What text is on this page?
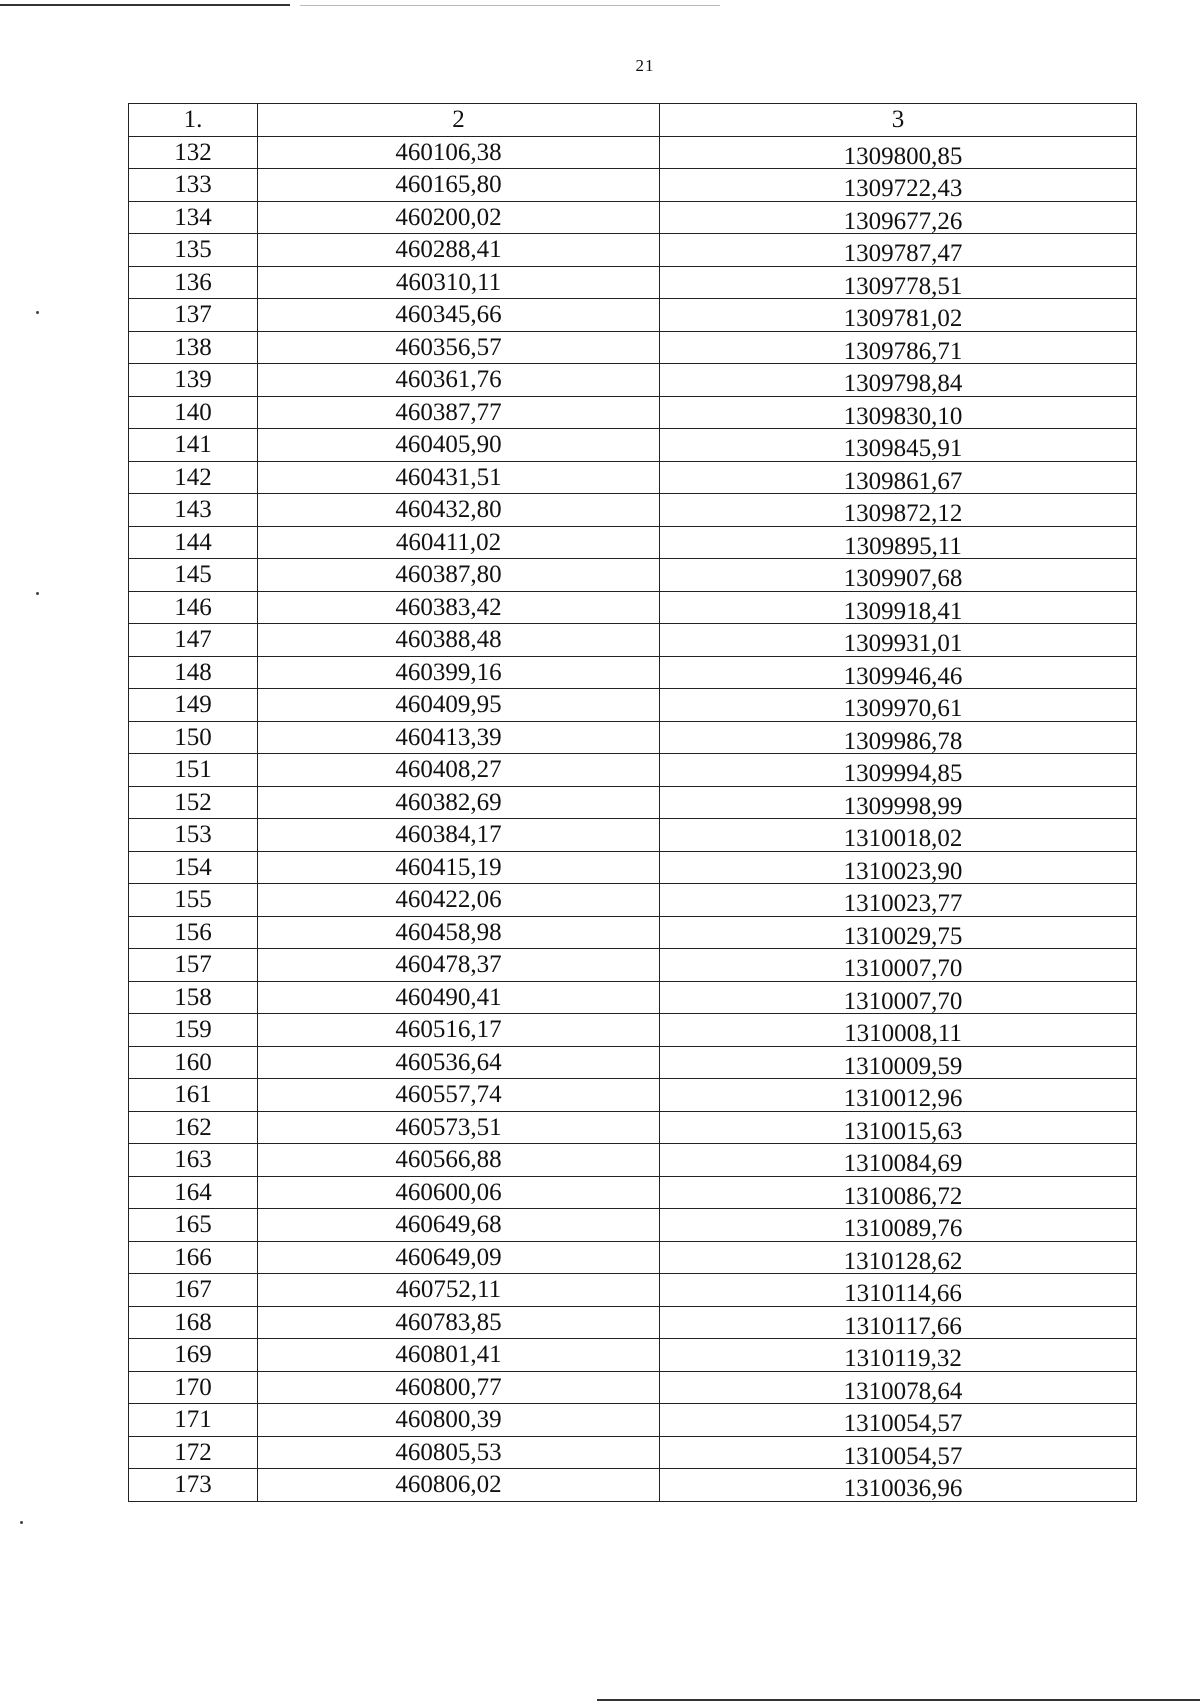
21
1.	2	3
132	460106,38	1309800,85
133	460165,80	1309722,43
134	460200,02	1309677,26
135	460288,41	1309787,47
136	460310,11	1309778,51
137	460345,66	1309781,02
138	460356,57	1309786,71
139	460361,76	1309798,84
140	460387,77	1309830,10
141	460405,90	1309845,91
142	460431,51	1309861,67
143	460432,80	1309872,12
144	460411,02	1309895,11
145	460387,80	1309907,68
146	460383,42	1309918,41
147	460388,48	1309931,01
148	460399,16	1309946,46
149	460409,95	1309970,61
150	460413,39	1309986,78
151	460408,27	1309994,85
152	460382,69	1309998,99
153	460384,17	1310018,02
154	460415,19	1310023,90
155	460422,06	1310023,77
156	460458,98	1310029,75
157	460478,37	1310007,70
158	460490,41	1310007,70
159	460516,17	1310008,11
160	460536,64	1310009,59
161	460557,74	1310012,96
162	460573,51	1310015,63
163	460566,88	1310084,69
164	460600,06	1310086,72
165	460649,68	1310089,76
166	460649,09	1310128,62
167	460752,11	1310114,66
168	460783,85	1310117,66
169	460801,41	1310119,32
170	460800,77	1310078,64
171	460800,39	1310054,57
172	460805,53	1310054,57
173	460806,02	1310036,96
